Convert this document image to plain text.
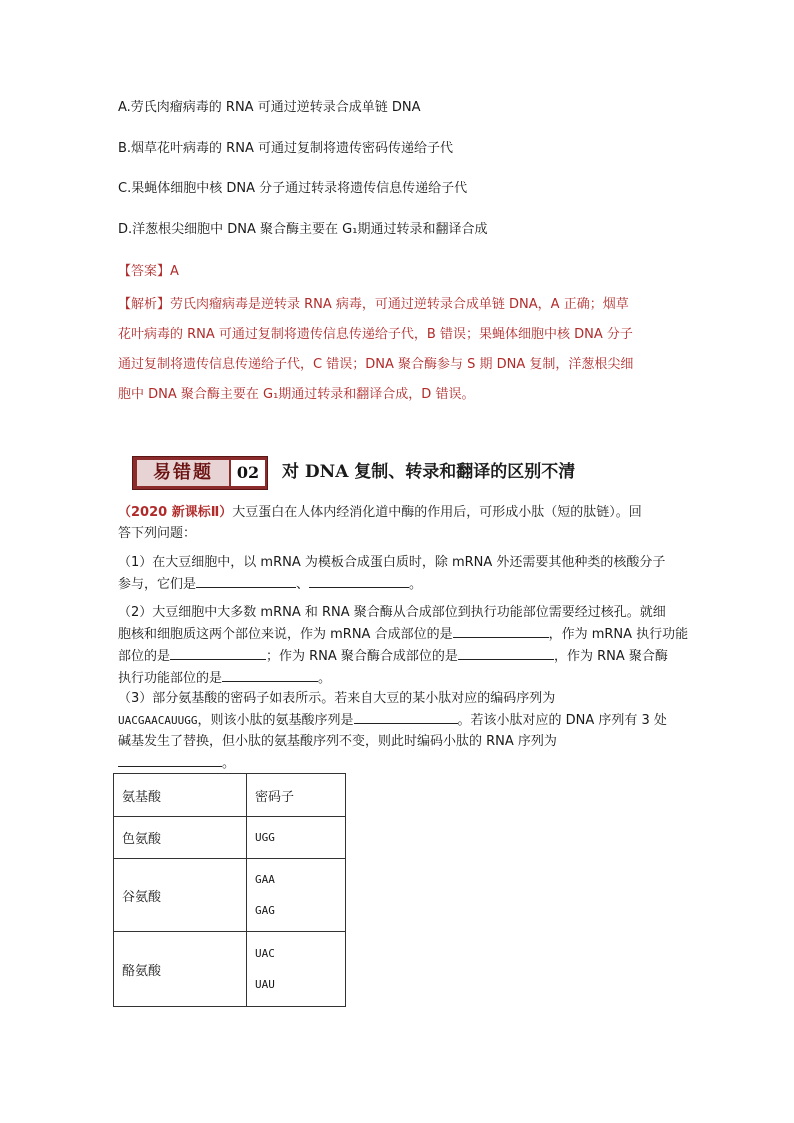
A.劳氏肉瘤病毒的 RNA 可通过逆转录合成单链 DNA
B.烟草花叶病毒的 RNA 可通过复制将遗传密码传递给子代
C.果蝇体细胞中核 DNA 分子通过转录将遗传信息传递给子代
D.洋葱根尖细胞中 DNA 聚合酶主要在 G₁期通过转录和翻译合成
【答案】A

【解析】劳氏肉瘤病毒是逆转录 RNA 病毒，可通过逆转录合成单链 DNA，A 正确；烟草

花叶病毒的 RNA 可通过复制将遗传信息传递给子代，B 错误；果蝇体细胞中核 DNA 分子

通过复制将遗传信息传递给子代，C 错误；DNA 聚合酶参与 S 期 DNA 复制，洋葱根尖细

胞中 DNA 聚合酶主要在 G₁期通过转录和翻译合成，D 错误。

易错题	02	对 DNA 复制、转录和翻译的区别不清

（2020 新课标Ⅱ）大豆蛋白在人体内经消化道中酶的作用后，可形成小肽（短的肽链）。回

答下列问题：

（1）在大豆细胞中，以 mRNA 为模板合成蛋白质时，除 mRNA 外还需要其他种类的核酸分子

参与，它们是	、	。

（2）大豆细胞中大多数 mRNA 和 RNA 聚合酶从合成部位到执行功能部位需要经过核孔。就细

胞核和细胞质这两个部位来说，作为 mRNA 合成部位的是	，作为 mRNA 执行功能

部位的是	；作为 RNA 聚合酶合成部位的是	，作为 RNA 聚合酶

执行功能部位的是	。

（3）部分氨基酸的密码子如表所示。若来自大豆的某小肽对应的编码序列为

UACGAACAUUGG，则该小肽的氨基酸序列是	。若该小肽对应的 DNA 序列有 3 处

碱基发生了替换，但小肽的氨基酸序列不变，则此时编码小肽的 RNA 序列为

。

氨基酸	密码子
色氨酸	UGG

谷氨酸	GAA
GAG

酪氨酸	UAC
UAU
